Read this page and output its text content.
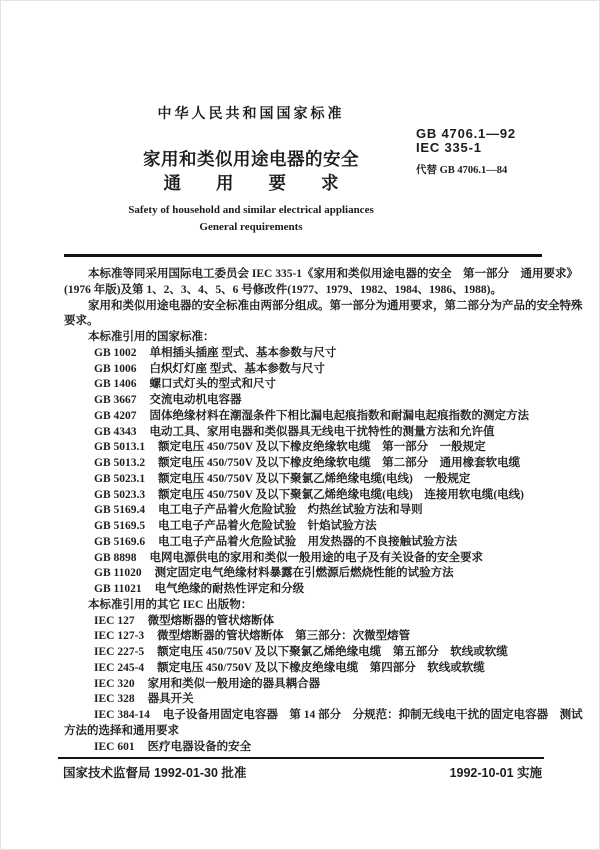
中华人民共和国国家标准
GB 4706.1—92
IEC 335-1
代替 GB 4706.1—84
家用和类似用途电器的安全
通　　用　　要　　求
Safety of household and similar electrical appliances
General requirements
本标准等同采用国际电工委员会 IEC 335-1《家用和类似用途电器的安全　第一部分　通用要求》
(1976 年版)及第 1、2、3、4、5、6 号修改件(1977、1979、1982、1984、1986、1988)。
家用和类似用途电器的安全标准由两部分组成。第一部分为通用要求，第二部分为产品的安全特殊
要求。
本标准引用的国家标准：
GB 1002 单相插头插座 型式、基本参数与尺寸
GB 1006 白炽灯灯座 型式、基本参数与尺寸
GB 1406 螺口式灯头的型式和尺寸
GB 3667 交流电动机电容器
GB 4207 固体绝缘材料在潮湿条件下相比漏电起痕指数和耐漏电起痕指数的测定方法
GB 4343 电动工具、家用电器和类似器具无线电干扰特性的测量方法和允许值
GB 5013.1 额定电压 450/750V 及以下橡皮绝缘软电缆　第一部分　一般规定
GB 5013.2 额定电压 450/750V 及以下橡皮绝缘软电缆　第二部分　通用橡套软电缆
GB 5023.1 额定电压 450/750V 及以下聚氯乙烯绝缘电缆(电线)　一般规定
GB 5023.3 额定电压 450/750V 及以下聚氯乙烯绝缘电缆(电线)　连接用软电缆(电线)
GB 5169.4 电工电子产品着火危险试验　灼热丝试验方法和导则
GB 5169.5 电工电子产品着火危险试验　针焰试验方法
GB 5169.6 电工电子产品着火危险试验　用发热器的不良接触试验方法
GB 8898 电网电源供电的家用和类似一般用途的电子及有关设备的安全要求
GB 11020 测定固定电气绝缘材料暴露在引燃源后燃烧性能的试验方法
GB 11021 电气绝缘的耐热性评定和分级
本标准引用的其它 IEC 出版物：
IEC 127 微型熔断器的管状熔断体
IEC 127-3 微型熔断器的管状熔断体　第三部分：次微型熔管
IEC 227-5 额定电压 450/750V 及以下聚氯乙烯绝缘电缆　第五部分　软线或软缆
IEC 245-4 额定电压 450/750V 及以下橡皮绝缘电缆　第四部分　软线或软缆
IEC 320 家用和类似一般用途的器具耦合器
IEC 328 器具开关
IEC 384-14 电子设备用固定电容器　第 14 部分　分规范：抑制无线电干扰的固定电容器　测试
方法的选择和通用要求
IEC 601 医疗电器设备的安全
国家技术监督局 1992-01-30 批准	1992-10-01 实施
